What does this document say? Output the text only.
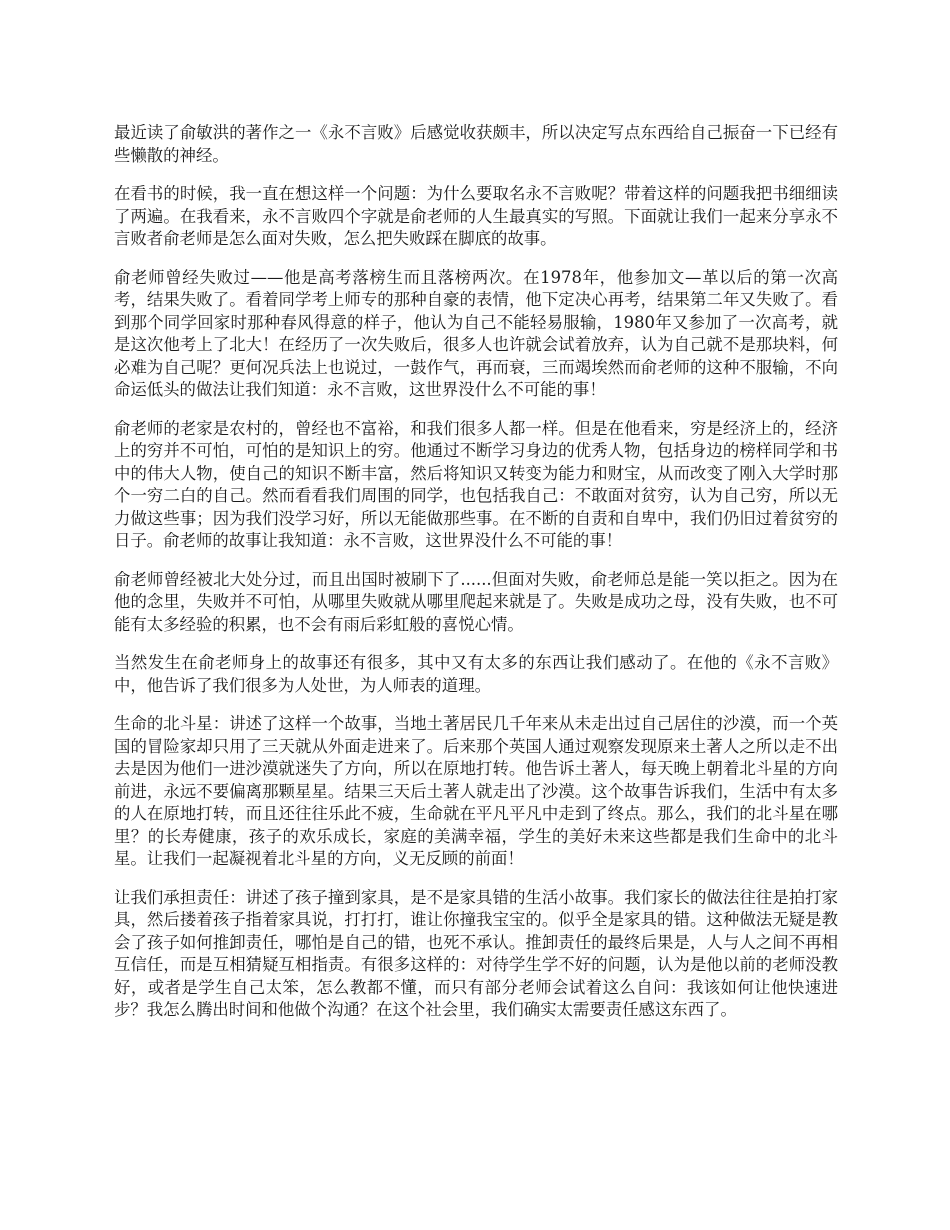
最近读了俞敏洪的著作之一《永不言败》后感觉收获颇丰，所以决定写点东西给自己振奋一下已经有些懒散的神经。

在看书的时候，我一直在想这样一个问题：为什么要取名永不言败呢？带着这样的问题我把书细细读了两遍。在我看来，永不言败四个字就是俞老师的人生最真实的写照。下面就让我们一起来分享永不言败者俞老师是怎么面对失败，怎么把失败踩在脚底的故事。

俞老师曾经失败过——他是高考落榜生而且落榜两次。在1978年，他参加文—革以后的第一次高考，结果失败了。看着同学考上师专的那种自豪的表情，他下定决心再考，结果第二年又失败了。看到那个同学回家时那种春风得意的样子，他认为自己不能轻易服输，1980年又参加了一次高考，就是这次他考上了北大！在经历了一次失败后，很多人也许就会试着放弃，认为自己就不是那块料，何必难为自己呢？更何况兵法上也说过，一鼓作气，再而衰，三而竭埃然而俞老师的这种不服输，不向命运低头的做法让我们知道：永不言败，这世界没什么不可能的事！

俞老师的老家是农村的，曾经也不富裕，和我们很多人都一样。但是在他看来，穷是经济上的，经济上的穷并不可怕，可怕的是知识上的穷。他通过不断学习身边的优秀人物，包括身边的榜样同学和书中的伟大人物，使自己的知识不断丰富，然后将知识又转变为能力和财宝，从而改变了刚入大学时那个一穷二白的自己。然而看看我们周围的同学，也包括我自己：不敢面对贫穷，认为自己穷，所以无力做这些事；因为我们没学习好，所以无能做那些事。在不断的自责和自卑中，我们仍旧过着贫穷的日子。俞老师的故事让我知道：永不言败，这世界没什么不可能的事！

俞老师曾经被北大处分过，而且出国时被刷下了......但面对失败，俞老师总是能一笑以拒之。因为在他的念里，失败并不可怕，从哪里失败就从哪里爬起来就是了。失败是成功之母，没有失败，也不可能有太多经验的积累，也不会有雨后彩虹般的喜悦心情。

当然发生在俞老师身上的故事还有很多，其中又有太多的东西让我们感动了。在他的《永不言败》中，他告诉了我们很多为人处世，为人师表的道理。

生命的北斗星：讲述了这样一个故事，当地土著居民几千年来从未走出过自己居住的沙漠，而一个英国的冒险家却只用了三天就从外面走进来了。后来那个英国人通过观察发现原来土著人之所以走不出去是因为他们一进沙漠就迷失了方向，所以在原地打转。他告诉土著人，每天晚上朝着北斗星的方向前进，永远不要偏离那颗星星。结果三天后土著人就走出了沙漠。这个故事告诉我们，生活中有太多的人在原地打转，而且还往往乐此不疲，生命就在平凡平凡中走到了终点。那么，我们的北斗星在哪里？的长寿健康，孩子的欢乐成长，家庭的美满幸福，学生的美好未来这些都是我们生命中的北斗星。让我们一起凝视着北斗星的方向，义无反顾的前面！

让我们承担责任：讲述了孩子撞到家具，是不是家具错的生活小故事。我们家长的做法往往是拍打家具，然后搂着孩子指着家具说，打打打，谁让你撞我宝宝的。似乎全是家具的错。这种做法无疑是教会了孩子如何推卸责任，哪怕是自己的错，也死不承认。推卸责任的最终后果是，人与人之间不再相互信任，而是互相猜疑互相指责。有很多这样的：对待学生学不好的问题，认为是他以前的老师没教好，或者是学生自己太笨，怎么教都不懂，而只有部分老师会试着这么自问：我该如何让他快速进步？我怎么腾出时间和他做个沟通？在这个社会里，我们确实太需要责任感这东西了。
